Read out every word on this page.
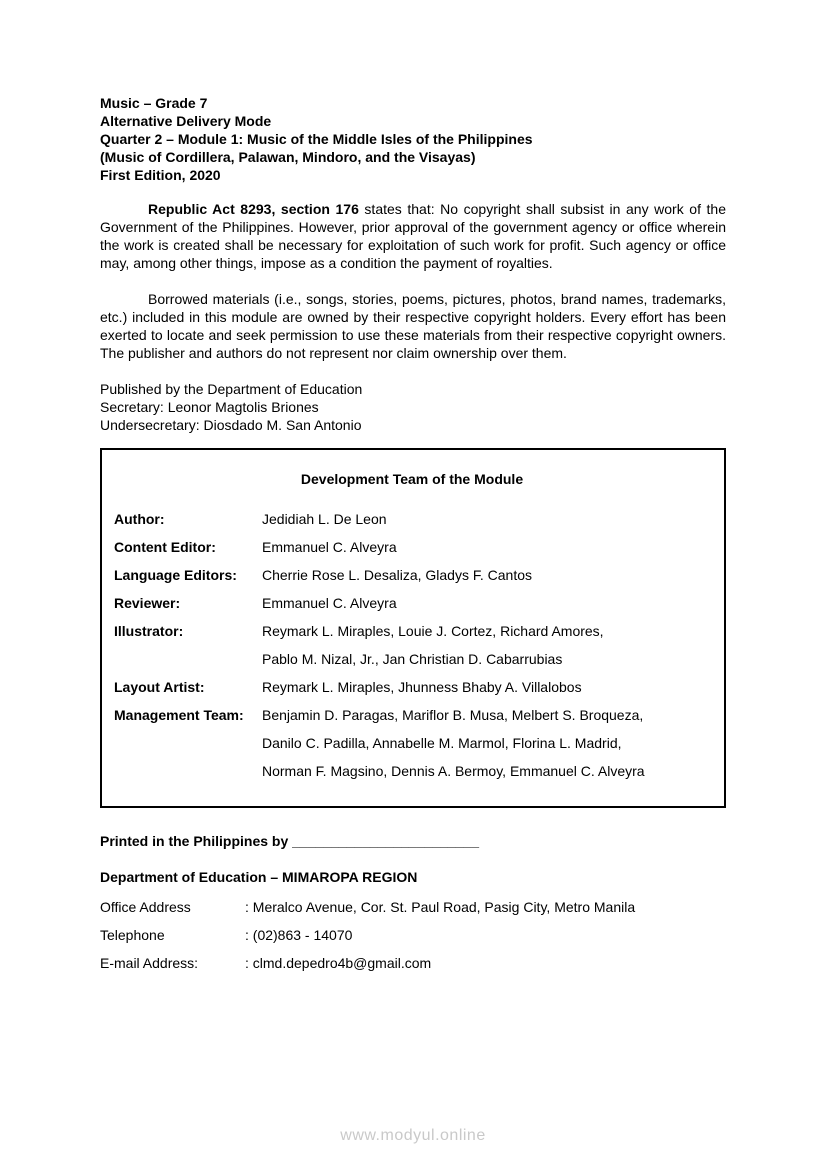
Music – Grade 7
Alternative Delivery Mode
Quarter 2 – Module 1: Music of the Middle Isles of the Philippines
(Music of Cordillera, Palawan, Mindoro, and the Visayas)
First Edition, 2020

Republic Act 8293, section 176 states that: No copyright shall subsist in any work of the Government of the Philippines. However, prior approval of the government agency or office wherein the work is created shall be necessary for exploitation of such work for profit. Such agency or office may, among other things, impose as a condition the payment of royalties.

Borrowed materials (i.e., songs, stories, poems, pictures, photos, brand names, trademarks, etc.) included in this module are owned by their respective copyright holders. Every effort has been exerted to locate and seek permission to use these materials from their respective copyright owners. The publisher and authors do not represent nor claim ownership over them.

Published by the Department of Education
Secretary: Leonor Magtolis Briones
Undersecretary: Diosdado M. San Antonio
Development Team of the Module
Author:	Jedidiah L. De Leon
Content Editor:	Emmanuel C. Alveyra
Language Editors:	Cherrie Rose L. Desaliza, Gladys F. Cantos
Reviewer:	Emmanuel C. Alveyra
Illustrator:	Reymark L. Miraples, Louie J. Cortez, Richard Amores,
Pablo M. Nizal, Jr., Jan Christian D. Cabarrubias
Layout Artist:	Reymark L. Miraples, Jhunness Bhaby A. Villalobos
Management Team:	Benjamin D. Paragas, Mariflor B. Musa, Melbert S. Broqueza,
Danilo C. Padilla, Annabelle M. Marmol, Florina L. Madrid,
Norman F. Magsino, Dennis A. Bermoy, Emmanuel C. Alveyra

Printed in the Philippines by ________________________

Department of Education – MIMAROPA REGION

Office Address	: Meralco Avenue, Cor. St. Paul Road, Pasig City, Metro Manila
Telephone	: (02)863 - 14070
E-mail Address:	: clmd.depedro4b@gmail.com
www.modyul.online
